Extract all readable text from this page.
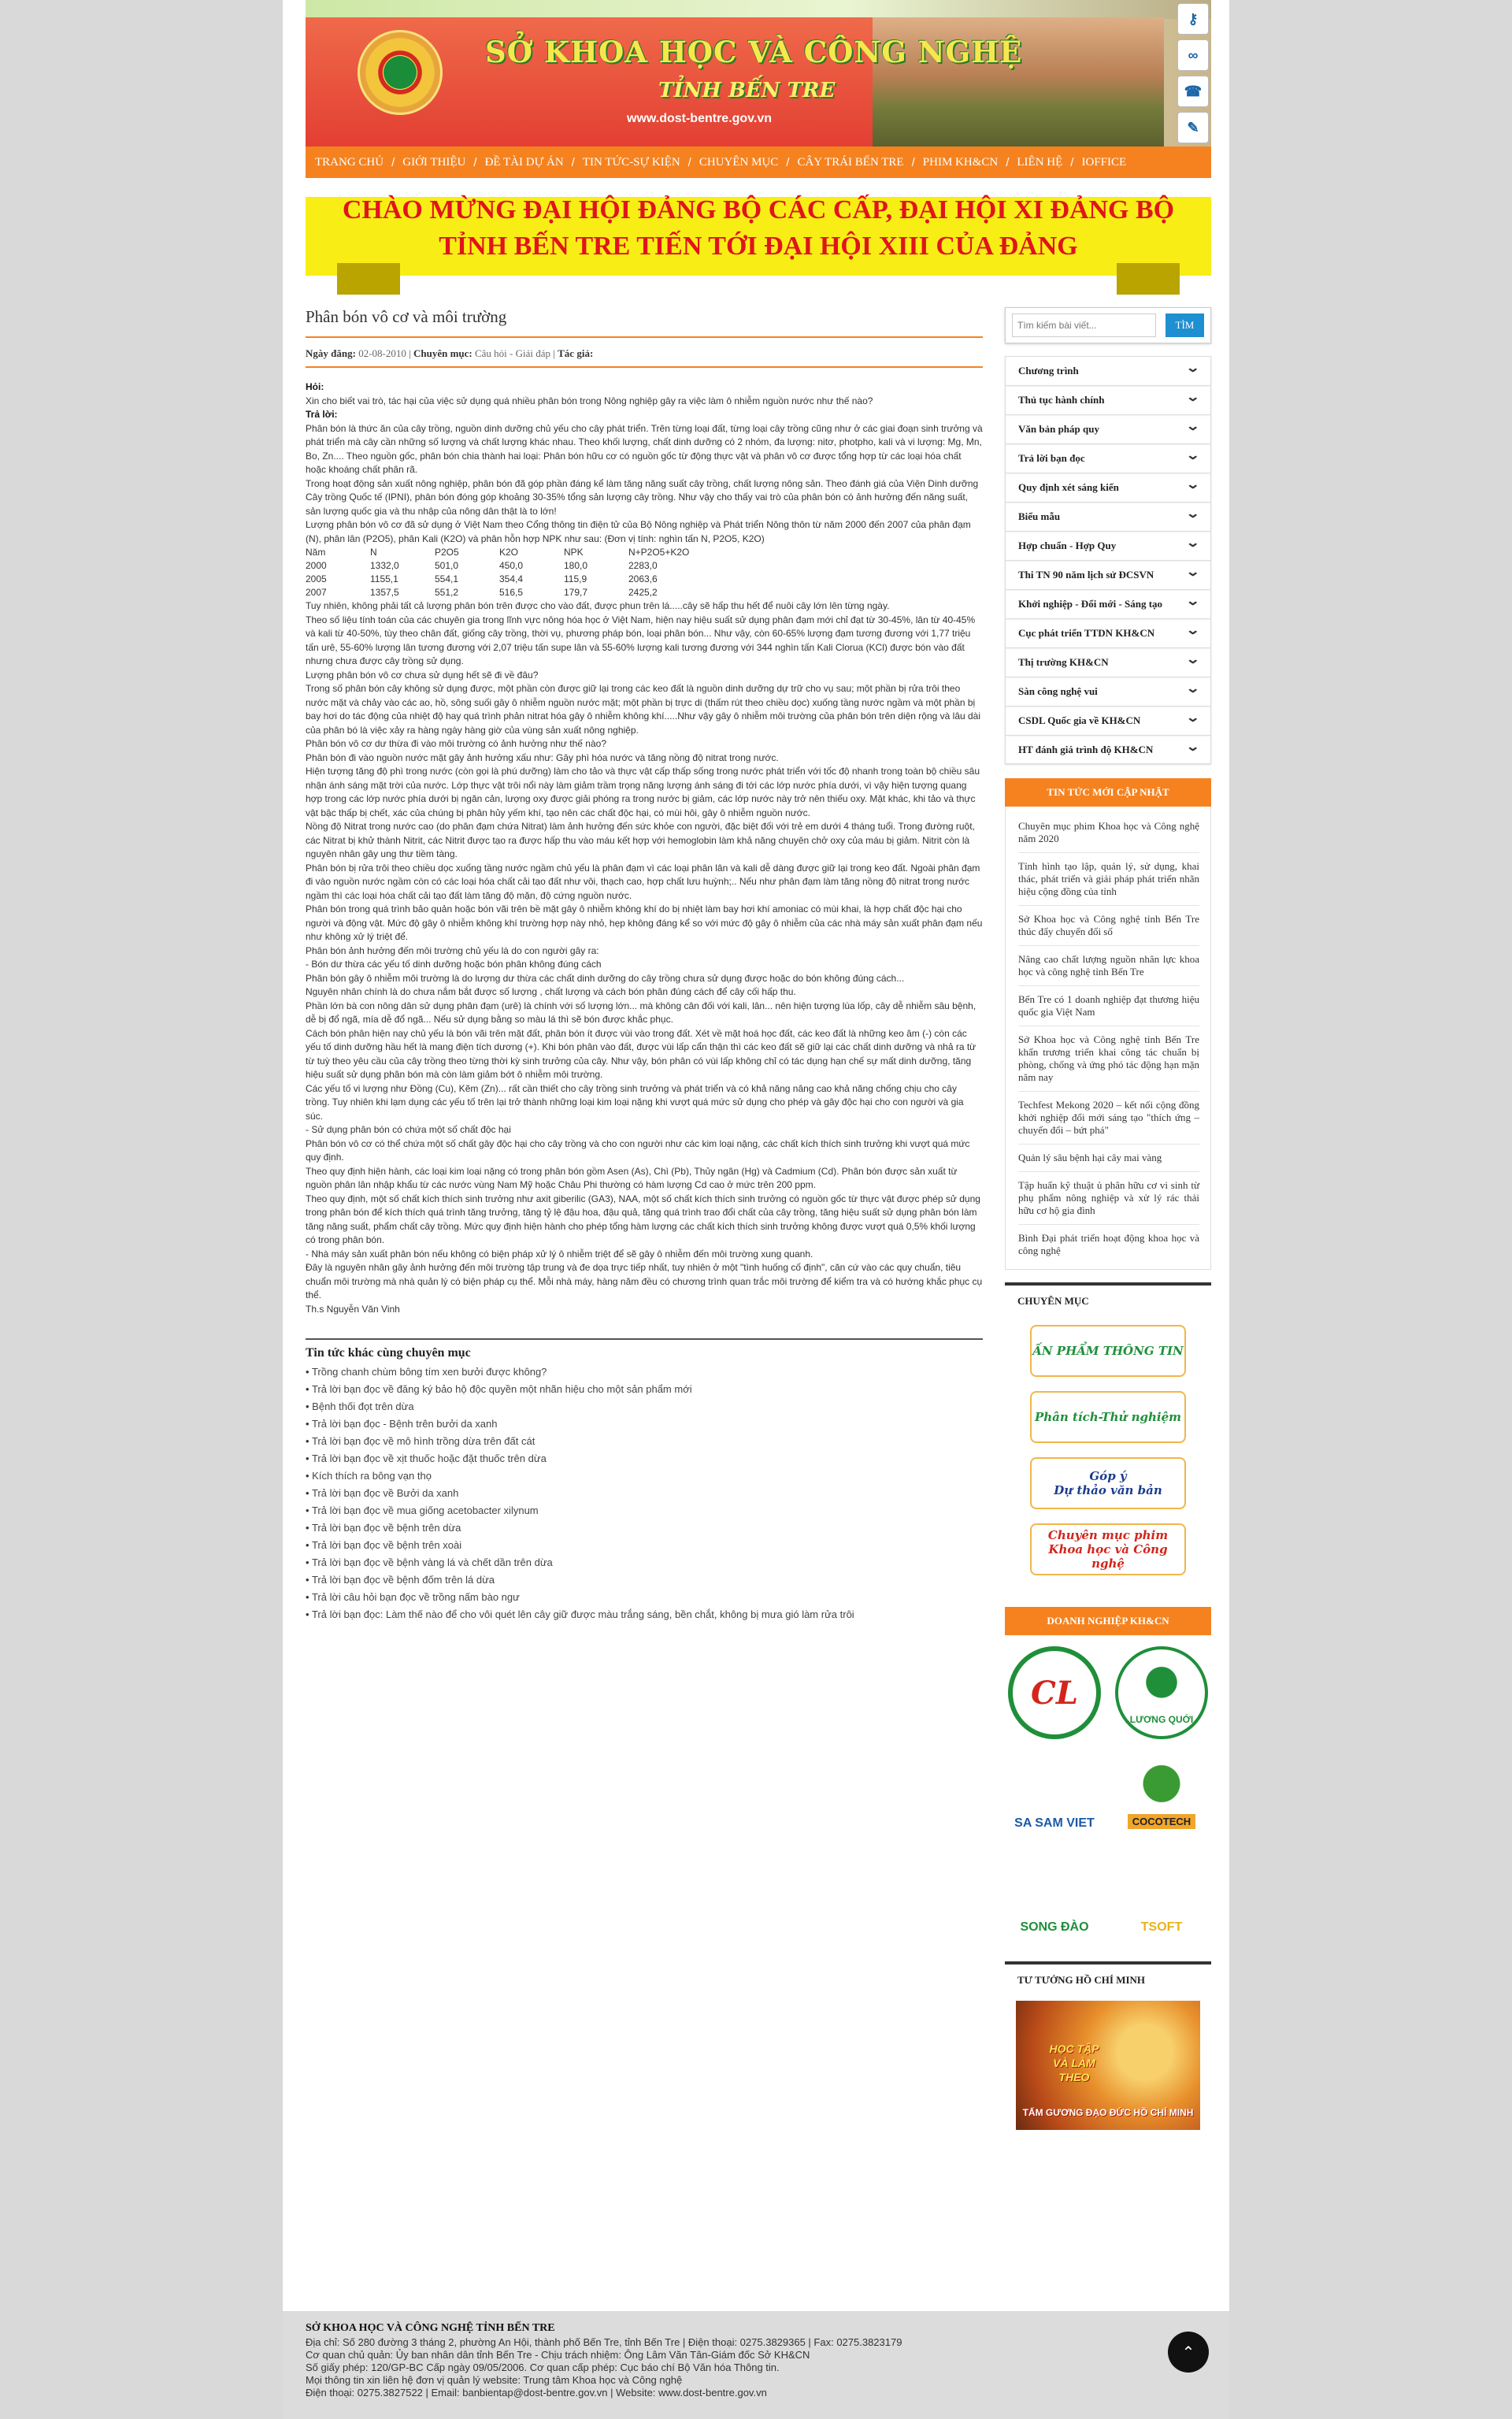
SỞ KHOA HỌC VÀ CÔNG NGHỆ
TỈNH BẾN TRE
www.dost-bentre.gov.vn
⚷
∞
☎
✎
TRANG CHỦ / GIỚI THIỆU / ĐỀ TÀI DỰ ÁN / TIN TỨC-SỰ KIỆN / CHUYÊN MỤC / CÂY TRÁI BẾN TRE / PHIM KH&CN / LIÊN HỆ / IOFFICE
CHÀO MỪNG ĐẠI HỘI ĐẢNG BỘ CÁC CẤP, ĐẠI HỘI XI ĐẢNG BỘ
TỈNH BẾN TRE TIẾN TỚI ĐẠI HỘI XIII CỦA ĐẢNG
Phân bón vô cơ và môi trường
Ngày đăng: 02-08-2010 | Chuyên mục: Câu hỏi - Giải đáp | Tác giả:

Hỏi:

Xin cho biết vai trò, tác hại của việc sử dụng quá nhiều phân bón trong Nông nghiệp gây ra việc làm ô nhiễm nguồn nước như thế nào?

Trả lời:

Phân bón là thức ăn của cây trồng, nguồn dinh dưỡng chủ yếu cho cây phát triển. Trên từng loại đất, từng loại cây trồng cũng như ở các giai đoạn sinh trưởng và phát triển mà cây cần những số lượng và chất lượng khác nhau. Theo khối lượng, chất dinh dưỡng có 2 nhóm, đa lượng: nitơ, photpho, kali và vi lượng: Mg, Mn, Bo, Zn.... Theo nguồn gốc, phân bón chia thành hai loại: Phân bón hữu cơ có nguồn gốc từ động thực vật và phân vô cơ được tổng hợp từ các loại hóa chất hoặc khoáng chất phân rã.

Trong hoạt động sản xuất nông nghiệp, phân bón đã góp phần đáng kể làm tăng năng suất cây trồng, chất lượng nông sản. Theo đánh giá của Viện Dinh dưỡng Cây trồng Quốc tế (IPNI), phân bón đóng góp khoảng 30-35% tổng sản lượng cây trồng. Như vậy cho thấy vai trò của phân bón có ảnh hưởng đến năng suất, sản lượng quốc gia và thu nhập của nông dân thật là to lớn!

Lượng phân bón vô cơ đã sử dụng ở Việt Nam theo Cổng thông tin điện tử của Bộ Nông nghiệp và Phát triển Nông thôn từ năm 2000 đến 2007 của phân đạm (N), phân lân (P2O5), phân Kali (K2O) và phân hỗn hợp NPK như sau: (Đơn vị tính: nghìn tấn N, P2O5, K2O)

Năm	N	P2O5	K2O	NPK	N+P2O5+K2O
2000	1332,0	501,0	450,0	180,0	2283,0
2005	1155,1	554,1	354,4	115,9	2063,6
2007	1357,5	551,2	516,5	179,7	2425,2

Tuy nhiên, không phải tất cả lượng phân bón trên được cho vào đất, được phun trên lá.....cây sẽ hấp thu hết để nuôi cây lớn lên từng ngày.

Theo số liệu tính toán của các chuyên gia trong lĩnh vực nông hóa học ở Việt Nam, hiện nay hiệu suất sử dụng phân đạm mới chỉ đạt từ 30-45%, lân từ 40-45% và kali từ 40-50%, tùy theo chân đất, giống cây trồng, thời vụ, phương pháp bón, loại phân bón... Như vậy, còn 60-65% lượng đạm tương đương với 1,77 triệu tấn urê, 55-60% lượng lân tương đương với 2,07 triệu tấn supe lân và 55-60% lượng kali tương đương với 344 nghìn tấn Kali Clorua (KCl) được bón vào đất nhưng chưa được cây trồng sử dụng.

Lượng phân bón vô cơ chưa sử dụng hết sẽ đi về đâu?

Trong số phân bón cây không sử dụng được, một phần còn được giữ lại trong các keo đất là nguồn dinh dưỡng dự trữ cho vụ sau; một phần bị rửa trôi theo nước mặt và chảy vào các ao, hồ, sông suối gây ô nhiễm nguồn nước mặt; một phần bị trực di (thấm rút theo chiều dọc) xuống tầng nước ngầm và một phần bị bay hơi do tác động của nhiệt độ hay quá trình phản nitrat hóa gây ô nhiễm không khí.....Như vậy gây ô nhiễm môi trường của phân bón trên diện rộng và lâu dài của phân bó là việc xảy ra hàng ngày hàng giờ của vùng sản xuất nông nghiệp.

Phân bón vô cơ dư thừa đi vào môi trường có ảnh hưởng như thế nào?

Phân bón đi vào nguồn nước mặt gây ảnh hưởng xấu như: Gây phì hóa nước và tăng nồng độ nitrat trong nước.

Hiện tượng tăng độ phì trong nước (còn gọi là phú dưỡng) làm cho tảo và thực vật cấp thấp sống trong nước phát triển với tốc độ nhanh trong toàn bộ chiều sâu nhận ánh sáng mặt trời của nước. Lớp thực vật trôi nổi này làm giảm trầm trọng năng lượng ánh sáng đi tới các lớp nước phía dưới, vì vậy hiện tượng quang hợp trong các lớp nước phía dưới bị ngăn cản, lượng oxy được giải phóng ra trong nước bị giảm, các lớp nước này trở nên thiếu oxy. Mặt khác, khi tảo và thực vật bậc thấp bị chết, xác của chúng bị phân hủy yếm khí, tạo nên các chất độc hại, có mùi hôi, gây ô nhiễm nguồn nước.

Nồng độ Nitrat trong nước cao (do phân đạm chứa Nitrat) làm ảnh hưởng đến sức khỏe con người, đặc biệt đối với trẻ em dưới 4 tháng tuổi. Trong đường ruột, các Nitrat bị khử thành Nitrit, các Nitrit được tạo ra được hấp thu vào máu kết hợp với hemoglobin làm khả năng chuyên chở oxy của máu bị giảm. Nitrit còn là nguyên nhân gây ung thư tiềm tàng.

Phân bón bị rửa trôi theo chiều dọc xuống tầng nước ngầm chủ yếu là phân đạm vì các loại phân lân và kali dễ dàng được giữ lại trong keo đất. Ngoài phân đạm đi vào nguồn nước ngầm còn có các loại hóa chất cải tạo đất như vôi, thạch cao, hợp chất lưu huỳnh;.. Nếu như phân đạm làm tăng nồng độ nitrat trong nước ngầm thì các loại hóa chất cải tạo đất làm tăng độ mặn, độ cứng nguồn nước.

Phân bón trong quá trình bảo quản hoặc bón vãi trên bề mặt gây ô nhiễm không khí do bị nhiệt làm bay hơi khí amoniac có mùi khai, là hợp chất độc hại cho người và động vật. Mức độ gây ô nhiễm không khí trường hợp này nhỏ, hẹp không đáng kể so với mức độ gây ô nhiễm của các nhà máy sản xuất phân đạm nếu như không xử lý triệt để.

Phân bón ảnh hưởng đến môi trường chủ yếu là do con người gây ra:

- Bón dư thừa các yếu tố dinh dưỡng hoặc bón phân không đúng cách

Phân bón gây ô nhiễm môi trường là do lượng dư thừa các chất dinh dưỡng do cây trồng chưa sử dụng được hoặc do bón không đúng cách...

Nguyên nhân chính là do chưa nắm bắt được số lượng , chất lượng và cách bón phân đúng cách để cây cối hấp thu.

Phần lớn bà con nông dân sử dụng phân đạm (urê) là chính với số lượng lớn... mà không cân đối với kali, lân... nên hiện tượng lúa lốp, cây dễ nhiễm sâu bệnh, dễ bị đổ ngã, mía dễ đổ ngã... Nếu sử dụng bằng so màu lá thì sẽ bón được khắc phục.

Cách bón phân hiện nay chủ yếu là bón vãi trên mặt đất, phân bón ít được vùi vào trong đất. Xét về mặt hoá học đất, các keo đất là những keo âm (-) còn các yếu tố dinh dưỡng hầu hết là mang điện tích dương (+). Khi bón phân vào đất, được vùi lấp cẩn thận thì các keo đất sẽ giữ lại các chất dinh dưỡng và nhả ra từ từ tuỳ theo yêu cầu của cây trồng theo từng thời kỳ sinh trưởng của cây. Như vậy, bón phân có vùi lấp không chỉ có tác dụng hạn chế sự mất dinh dưỡng, tăng hiệu suất sử dụng phân bón mà còn làm giảm bớt ô nhiễm môi trường.

Các yếu tố vi lượng như Đồng (Cu), Kẽm (Zn)... rất cần thiết cho cây trồng sinh trưởng và phát triển và có khả năng nâng cao khả năng chống chịu cho cây trồng. Tuy nhiên khi lạm dụng các yếu tố trên lại trở thành những loại kim loại nặng khi vượt quá mức sử dụng cho phép và gây độc hại cho con người và gia súc.

- Sử dụng phân bón có chứa một số chất độc hại

Phân bón vô cơ có thể chứa một số chất gây độc hại cho cây trồng và cho con người như các kim loại nặng, các chất kích thích sinh trưởng khi vượt quá mức quy định.

Theo quy định hiện hành, các loại kim loại nặng có trong phân bón gồm Asen (As), Chì (Pb), Thủy ngân (Hg) và Cadmium (Cd). Phân bón được sản xuất từ nguồn phân lân nhập khẩu từ các nước vùng Nam Mỹ hoặc Châu Phi thường có hàm lượng Cd cao ở mức trên 200 ppm.

Theo quy định, một số chất kích thích sinh trưởng như axit giberilic (GA3), NAA, một số chất kích thích sinh trưởng có nguồn gốc từ thực vật được phép sử dụng trong phân bón để kích thích quá trình tăng trưởng, tăng tỷ lệ đậu hoa, đậu quả, tăng quá trình trao đổi chất của cây trồng, tăng hiệu suất sử dụng phân bón làm tăng năng suất, phẩm chất cây trồng. Mức quy định hiện hành cho phép tổng hàm lượng các chất kích thích sinh trưởng không được vượt quá 0,5% khối lượng có trong phân bón.

- Nhà máy sản xuất phân bón nếu không có biện pháp xử lý ô nhiễm triệt để sẽ gây ô nhiễm đến môi trường xung quanh.

Đây là nguyên nhân gây ảnh hưởng đến môi trường tập trung và đe dọa trực tiếp nhất, tuy nhiên ở một "tình huống cố định", căn cứ vào các quy chuẩn, tiêu chuẩn môi trường mà nhà quản lý có biện pháp cụ thể. Mỗi nhà máy, hàng năm đều có chương trình quan trắc môi trường để kiểm tra và có hướng khắc phục cụ thể.

Th.s Nguyễn Văn Vinh

Tin tức khác cùng chuyên mục
• Trồng chanh chùm bông tím xen bưởi được không?
• Trả lời bạn đọc về đăng ký bảo hộ độc quyền một nhãn hiệu cho một sản phẩm mới
• Bệnh thối đọt trên dừa
• Trả lời bạn đọc - Bệnh trên bưởi da xanh
• Trả lời bạn đọc về mô hình trồng dừa trên đất cát
• Trả lời bạn đọc về xịt thuốc hoặc đặt thuốc trên dừa
• Kích thích ra bông vạn thọ
• Trả lời bạn đọc về Bưởi da xanh
• Trả lời bạn đọc về mua giống acetobacter xilynum
• Trả lời bạn đọc về bệnh trên dừa
• Trả lời bạn đọc về bệnh trên xoài
• Trả lời bạn đọc về bệnh vàng lá và chết dần trên dừa
• Trả lời bạn đọc về bệnh đốm trên lá dừa
• Trả lời câu hỏi bạn đọc về trồng nấm bào ngư
• Trả lời bạn đọc: Làm thế nào để cho vôi quét lên cây giữ được màu trắng sáng, bền chắt, không bị mưa gió làm rửa trôi
Tìm kiếm bài viết...
TÌM
Chương trình	⌄
Thủ tục hành chính	⌄
Văn bản pháp quy	⌄
Trả lời bạn đọc	⌄
Quy định xét sáng kiến	⌄
Biểu mẫu	⌄
Hợp chuẩn - Hợp Quy	⌄
Thi TN 90 năm lịch sử ĐCSVN ⌄
Khởi nghiệp - Đổi mới - Sáng tạo ⌄
Cục phát triển TTDN KH&CN ⌄
Thị trường KH&CN	⌄
Sàn công nghệ vui	⌄
CSDL Quốc gia về KH&CN	⌄
HT đánh giá trình độ KH&CN	⌄
TIN TỨC MỚI CẬP NHẬT
Chuyên mục phim Khoa học và Công nghệ năm 2020
Tỉnh hình tạo lập, quản lý, sử dụng, khai thác, phát triển và giải pháp phát triển nhãn hiệu cộng đồng của tỉnh
Sở Khoa học và Công nghệ tỉnh Bến Tre thúc đẩy chuyển đổi số
Nâng cao chất lượng nguồn nhân lực khoa học và công nghệ tỉnh Bến Tre
Bến Tre có 1 doanh nghiệp đạt thương hiệu quốc gia Việt Nam
Sở Khoa học và Công nghệ tỉnh Bến Tre khẩn trương triển khai công tác chuẩn bị phòng, chống và ứng phó tác động hạn mặn năm nay
Techfest Mekong 2020 – kết nối cộng đồng khởi nghiệp đổi mới sáng tạo "thích ứng – chuyển đổi – bứt phá"
Quản lý sâu bệnh hại cây mai vàng
Tập huấn kỹ thuật ủ phân hữu cơ vi sinh từ phụ phẩm nông nghiệp và xử lý rác thải hữu cơ hộ gia đình
Bình Đại phát triển hoạt động khoa học và công nghệ
CHUYÊN MỤC
ẤN PHẨM THÔNG TIN
Phân tích-Thử nghiệm
Góp ý
Dự thảo văn bản
Chuyên mục phim
Khoa học và Công nghệ
DOANH NGHIỆP KH&CN
CL
LƯƠNG QUỚI
SA SAM VIET	COCOTECH
SONG ĐÀO	TSOFT
TƯ TƯỞNG HỒ CHÍ MINH
HỌC TẬP VÀ LÀM THEO
TẤM GƯƠNG ĐẠO ĐỨC HỒ CHÍ MINH
SỞ KHOA HỌC VÀ CÔNG NGHỆ TỈNH BẾN TRE
Địa chỉ: Số 280 đường 3 tháng 2, phường An Hội, thành phố Bến Tre, tỉnh Bến Tre | Điện thoại: 0275.3829365 | Fax: 0275.3823179
Cơ quan chủ quản: Ủy ban nhân dân tỉnh Bến Tre - Chịu trách nhiệm: Ông Lâm Văn Tân-Giám đốc Sở KH&CN
Số giấy phép: 120/GP-BC Cấp ngày 09/05/2006. Cơ quan cấp phép: Cục báo chí Bộ Văn hóa Thông tin.
Mọi thông tin xin liên hệ đơn vị quản lý website: Trung tâm Khoa học và Công nghệ
Điện thoại: 0275.3827522 | Email: banbientap@dost-bentre.gov.vn | Website: www.dost-bentre.gov.vn
⌃
